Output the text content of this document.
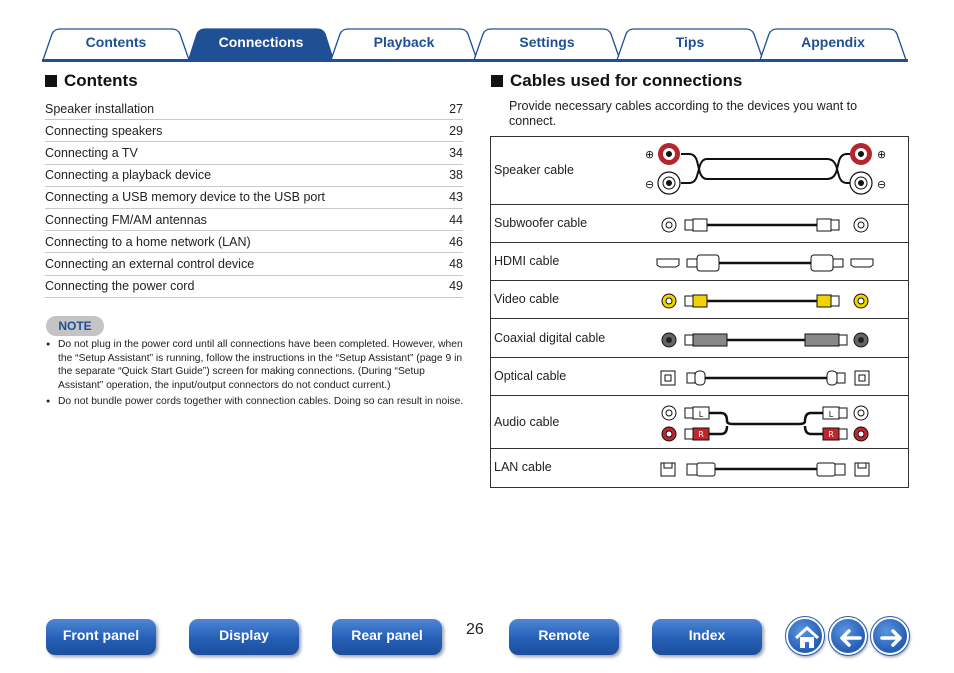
Contents	Connections	Playback	Settings	Tips	Appendix
Contents
Speaker installation	27
Connecting speakers	29
Connecting a TV	34
Connecting a playback device	38
Connecting a USB memory device to the USB port	43
Connecting FM/AM antennas	44
Connecting to a home network (LAN)	46
Connecting an external control device	48
Connecting the power cord	49
NOTE
● Do not plug in the power cord until all connections have been completed. However, when the “Setup Assistant” is running, follow the instructions in the “Setup Assistant” (page 9 in the separate “Quick Start Guide”) screen for making connections. (During “Setup Assistant” operation, the input/output connectors do not conduct current.)
● Do not bundle power cords together with connection cables. Doing so can result in noise.
Cables used for connections
Provide necessary cables according to the devices you want to connect.
Speaker cable
⊕
⊖
⊕
⊖
Subwoofer cable
HDMI cable
Video cable
Coaxial digital cable
Optical cable
Audio cable
L
R
L
R
LAN cable
Front panel	Display	Rear panel	26	Remote	Index
